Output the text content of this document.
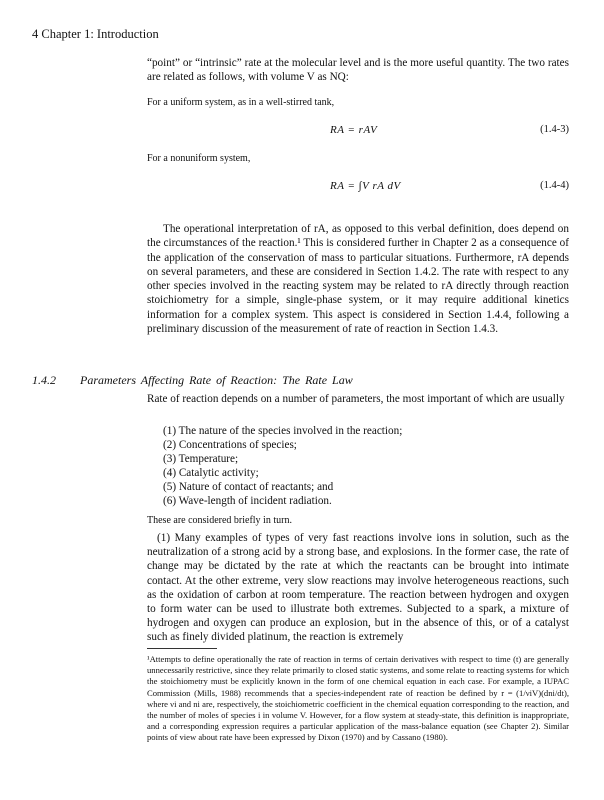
4 Chapter 1: Introduction

“point” or “intrinsic” rate at the molecular level and is the more useful quantity. The two rates are related as follows, with volume V as NQ:

For a uniform system, as in a well-stirred tank,

RA = rAV	(1.4-3)

For a nonuniform system,

RA = ∫V rA dV	(1.4-4)

The operational interpretation of rA, as opposed to this verbal definition, does depend on the circumstances of the reaction.¹ This is considered further in Chapter 2 as a consequence of the application of the conservation of mass to particular situations. Furthermore, rA depends on several parameters, and these are considered in Section 1.4.2. The rate with respect to any other species involved in the reacting system may be related to rA directly through reaction stoichiometry for a simple, single-phase system, or it may require additional kinetics information for a complex system. This aspect is considered in Section 1.4.4, following a preliminary discussion of the measurement of rate of reaction in Section 1.4.3.

1.4.2 Parameters Affecting Rate of Reaction: The Rate Law

Rate of reaction depends on a number of parameters, the most important of which are usually

(1) The nature of the species involved in the reaction;
(2) Concentrations of species;
(3) Temperature;
(4) Catalytic activity;
(5) Nature of contact of reactants; and
(6) Wave-length of incident radiation.

These are considered briefly in turn.

(1) Many examples of types of very fast reactions involve ions in solution, such as the neutralization of a strong acid by a strong base, and explosions. In the former case, the rate of change may be dictated by the rate at which the reactants can be brought into intimate contact. At the other extreme, very slow reactions may involve heterogeneous reactions, such as the oxidation of carbon at room temperature. The reaction between hydrogen and oxygen to form water can be used to illustrate both extremes. Subjected to a spark, a mixture of hydrogen and oxygen can produce an explosion, but in the absence of this, or of a catalyst such as finely divided platinum, the reaction is extremely

¹Attempts to define operationally the rate of reaction in terms of certain derivatives with respect to time (t) are generally unnecessarily restrictive, since they relate primarily to closed static systems, and some relate to reacting systems for which the stoichiometry must be explicitly known in the form of one chemical equation in each case. For example, a IUPAC Commission (Mills, 1988) recommends that a species-independent rate of reaction be defined by r = (1/νiV)(dni/dt), where νi and ni are, respectively, the stoichiometric coefficient in the chemical equation corresponding to the reaction, and the number of moles of species i in volume V. However, for a flow system at steady-state, this definition is inappropriate, and a corresponding expression requires a particular application of the mass-balance equation (see Chapter 2). Similar points of view about rate have been expressed by Dixon (1970) and by Cassano (1980).
